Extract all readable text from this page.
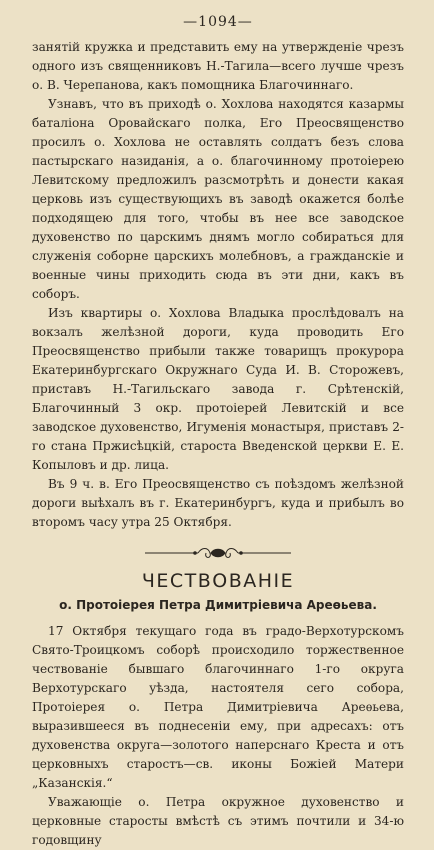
—1094—

занятій кружка и представить ему на утвержденіе чрезъ одного изъ священниковъ Н.-Тагила—всего лучше чрезъ о. В. Черепанова, какъ помощника Благочиннаго.

Узнавъ, что въ приходѣ о. Хохлова находятся казармы баталіона Оровайскаго полка, Его Преосвященство просилъ о. Хохлова не оставлять солдатъ безъ слова пастырскаго назиданія, а о. благочинному протоіерею Левитскому предложилъ разсмотрѣть и донести какая церковь изъ существующихъ въ заводѣ окажется болѣе подходящею для того, чтобы въ нее все заводское духовенство по царскимъ днямъ могло собираться для служенія соборне царскихъ молебновъ, а гражданскіе и военные чины приходить сюда въ эти дни, какъ въ соборъ.

Изъ квартиры о. Хохлова Владыка прослѣдовалъ на вокзалъ желѣзной дороги, куда проводить Его Преосвященство прибыли также товарищъ прокурора Екатеринбургскаго Окружнаго Суда И. В. Сторожевъ, приставъ Н.-Тагильскаго завода г. Срѣтенскій, Благочинный 3 окр. протоіерей Левитскій и все заводское духовенство, Игуменія монастыря, приставъ 2-го стана Пржисѣцкій, староста Введенской церкви Е. Е. Копыловъ и др. лица.

Въ 9 ч. в. Его Преосвященство съ поѣздомъ желѣзной дороги выѣхалъ въ г. Екатеринбургъ, куда и прибылъ во второмъ часу утра 25 Октября.

ЧЕСТВОВАНІЕ
о. Протоіерея Петра Димитріевича Ареѳьева.

17 Октября текущаго года въ градо-Верхотурскомъ Свято-Троицкомъ соборѣ происходило торжественное чествованіе бывшаго благочиннаго 1-го округа Верхотурскаго уѣзда, настоятеля сего собора, Протоіерея о. Петра Димитріевича Ареѳьева, выразившееся въ поднесеніи ему, при адресахъ: отъ духовенства округа—золотого наперснаго Креста и отъ церковныхъ старостъ—св. иконы Божіей Матери „Казанскія.“

Уважающіе о. Петра окружное духовенство и церковные старосты вмѣстѣ съ этимъ почтили и 34-ю годовщину
